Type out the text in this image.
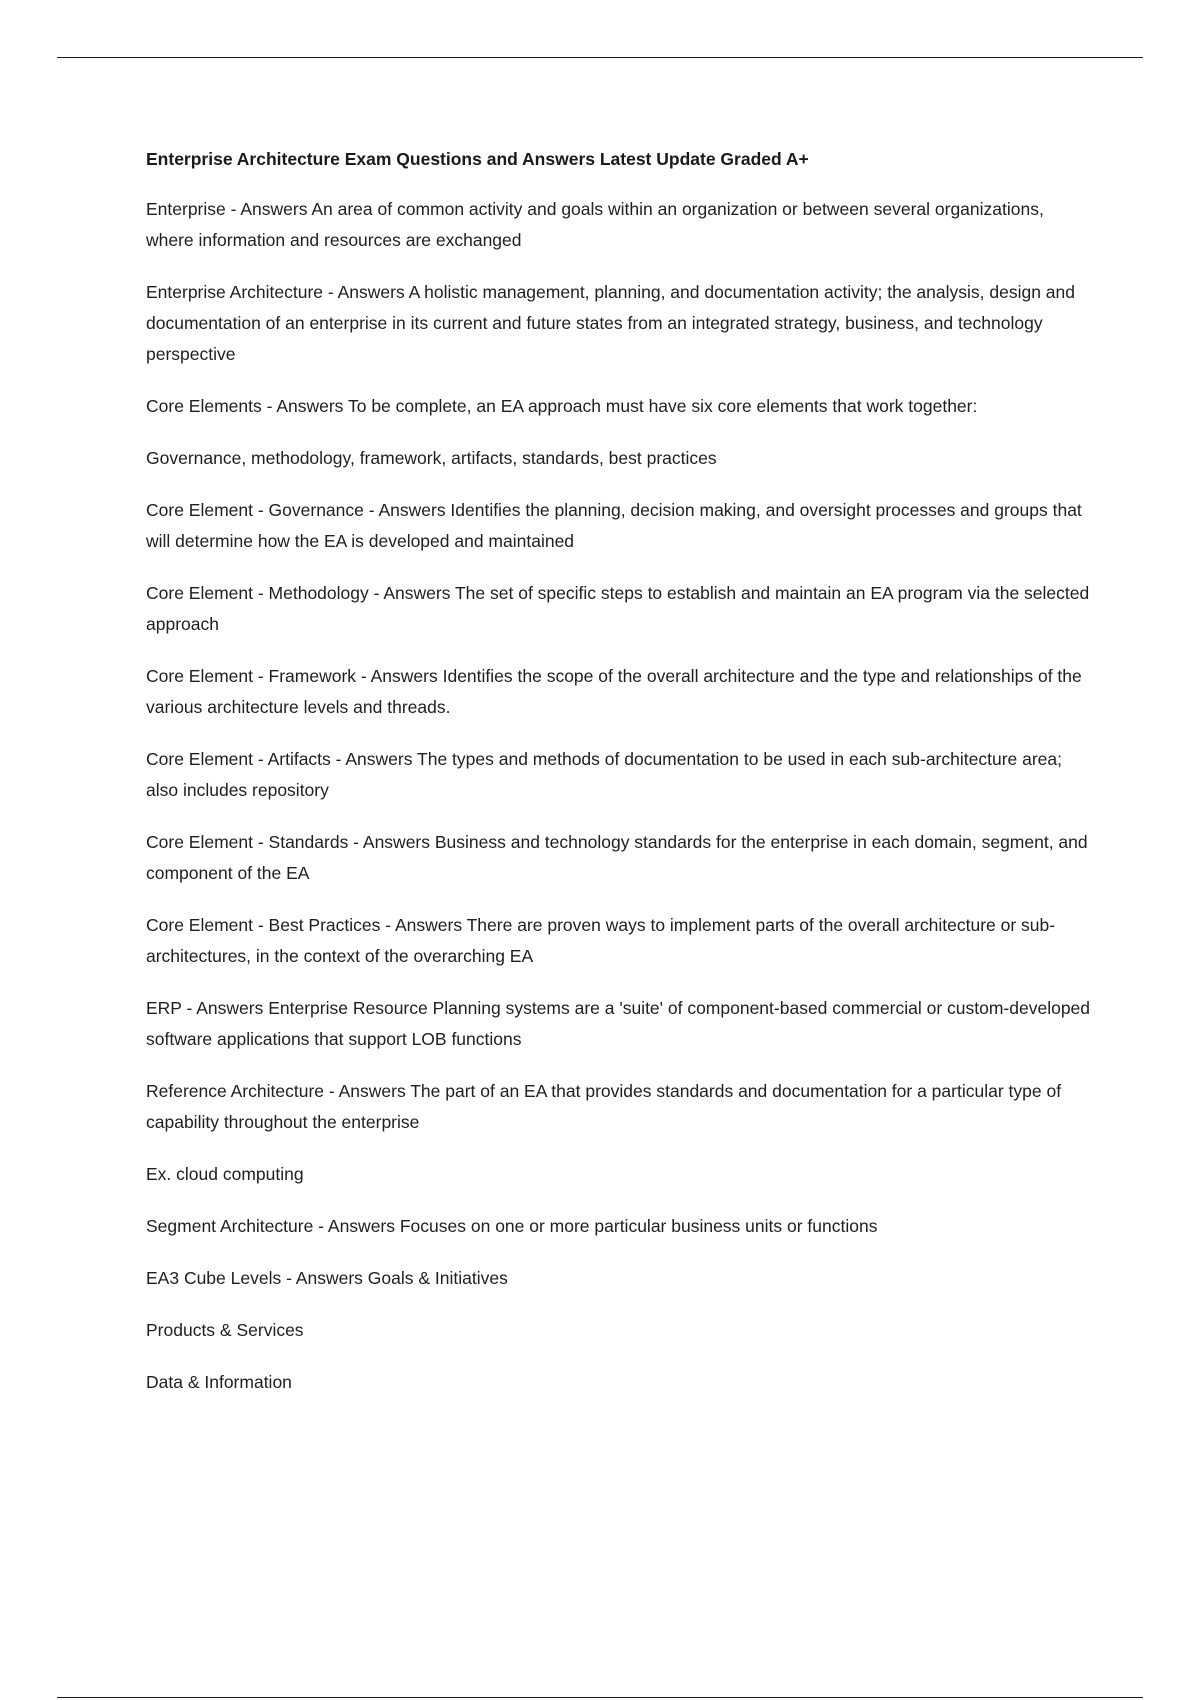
Enterprise Architecture Exam Questions and Answers Latest Update Graded A+

Enterprise - Answers An area of common activity and goals within an organization or between several organizations, where information and resources are exchanged

Enterprise Architecture - Answers A holistic management, planning, and documentation activity; the analysis, design and documentation of an enterprise in its current and future states from an integrated strategy, business, and technology perspective

Core Elements - Answers To be complete, an EA approach must have six core elements that work together:

Governance, methodology, framework, artifacts, standards, best practices

Core Element - Governance - Answers Identifies the planning, decision making, and oversight processes and groups that will determine how the EA is developed and maintained

Core Element - Methodology - Answers The set of specific steps to establish and maintain an EA program via the selected approach

Core Element - Framework - Answers Identifies the scope of the overall architecture and the type and relationships of the various architecture levels and threads.

Core Element - Artifacts - Answers The types and methods of documentation to be used in each sub-architecture area; also includes repository

Core Element - Standards - Answers Business and technology standards for the enterprise in each domain, segment, and component of the EA

Core Element - Best Practices - Answers There are proven ways to implement parts of the overall architecture or sub-architectures, in the context of the overarching EA

ERP - Answers Enterprise Resource Planning systems are a 'suite' of component-based commercial or custom-developed software applications that support LOB functions

Reference Architecture - Answers The part of an EA that provides standards and documentation for a particular type of capability throughout the enterprise

Ex. cloud computing

Segment Architecture - Answers Focuses on one or more particular business units or functions

EA3 Cube Levels - Answers Goals & Initiatives

Products & Services

Data & Information
